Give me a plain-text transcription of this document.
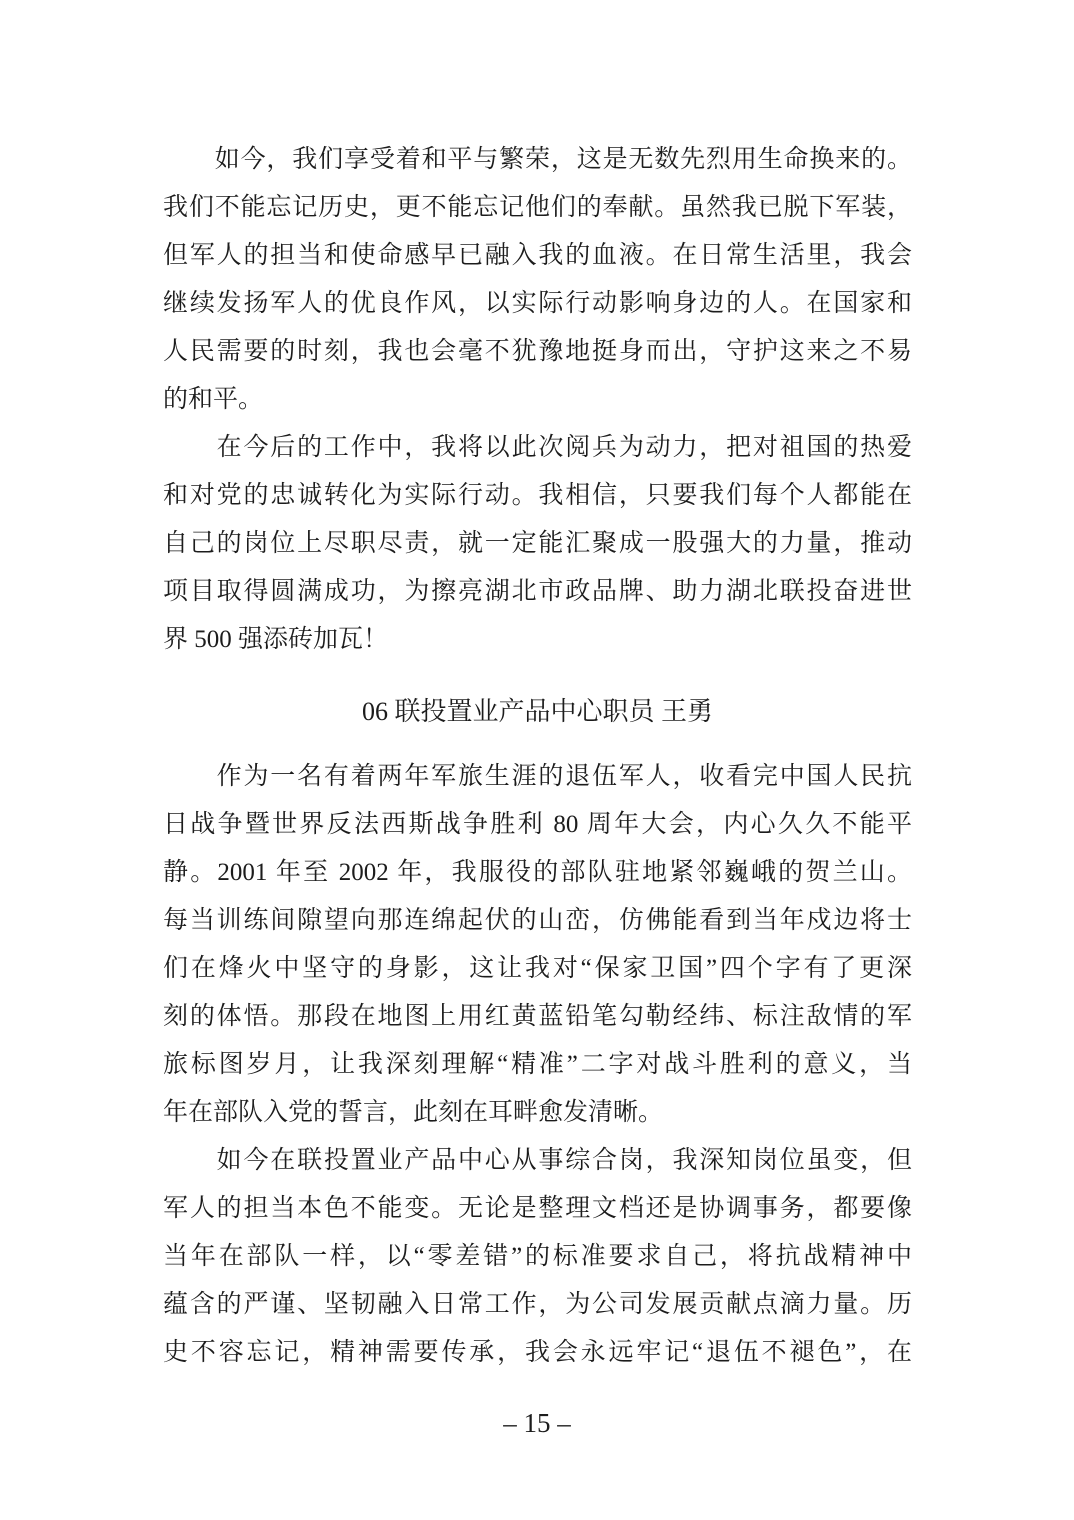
　　如今，我们享受着和平与繁荣，这是无数先烈用生命换来的。
我们不能忘记历史，更不能忘记他们的奉献。虽然我已脱下军装，
但军人的担当和使命感早已融入我的血液。在日常生活里，我会
继续发扬军人的优良作风，以实际行动影响身边的人。在国家和
人民需要的时刻，我也会毫不犹豫地挺身而出，守护这来之不易
的和平。
　　在今后的工作中，我将以此次阅兵为动力，把对祖国的热爱
和对党的忠诚转化为实际行动。我相信，只要我们每个人都能在
自己的岗位上尽职尽责，就一定能汇聚成一股强大的力量，推动
项目取得圆满成功，为擦亮湖北市政品牌、助力湖北联投奋进世
界 500 强添砖加瓦！
06 联投置业产品中心职员 王勇
　　作为一名有着两年军旅生涯的退伍军人，收看完中国人民抗
日战争暨世界反法西斯战争胜利 80 周年大会，内心久久不能平
静。2001 年至 2002 年，我服役的部队驻地紧邻巍峨的贺兰山。
每当训练间隙望向那连绵起伏的山峦，仿佛能看到当年戍边将士
们在烽火中坚守的身影，这让我对“保家卫国”四个字有了更深
刻的体悟。那段在地图上用红黄蓝铅笔勾勒经纬、标注敌情的军
旅标图岁月，让我深刻理解“精准”二字对战斗胜利的意义，当
年在部队入党的誓言，此刻在耳畔愈发清晰。
　　如今在联投置业产品中心从事综合岗，我深知岗位虽变，但
军人的担当本色不能变。无论是整理文档还是协调事务，都要像
当年在部队一样，以“零差错”的标准要求自己，将抗战精神中
蕴含的严谨、坚韧融入日常工作，为公司发展贡献点滴力量。历
史不容忘记，精神需要传承，我会永远牢记“退伍不褪色”，在
– 15 –
